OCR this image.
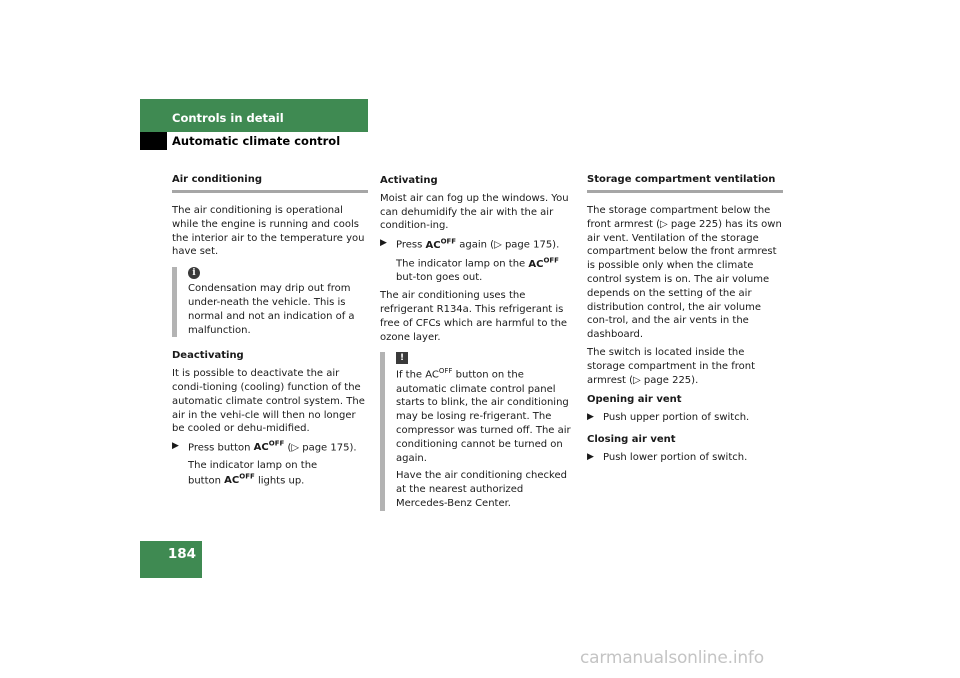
Controls in detail
Automatic climate control
Air conditioning

The air conditioning is operational while the engine is running and cools the interior air to the temperature you have set.

i
Condensation may drip out from under-neath the vehicle. This is normal and not an indication of a malfunction.

Deactivating

It is possible to deactivate the air condi-tioning (cooling) function of the automatic climate control system. The air in the vehi-cle will then no longer be cooled or dehu-midified.

▶ Press button $AC^{OFF}$ (▷ page 175).
The indicator lamp on the
button $AC^{OFF}$ lights up.

Activating

Moist air can fog up the windows. You can dehumidify the air with the air condition-ing.

▶ Press $AC^{OFF}$ again (▷ page 175).
The indicator lamp on the $AC^{OFF}$ but-ton goes out.

The air conditioning uses the refrigerant R134a. This refrigerant is free of CFCs which are harmful to the ozone layer.

!

If the $AC^{OFF}$ button on the automatic climate control panel starts to blink, the air conditioning may be losing re-frigerant. The compressor was turned off. The air conditioning cannot be turned on again.

Have the air conditioning checked at the nearest authorized Mercedes-Benz Center.

Storage compartment ventilation

The storage compartment below the front armrest (▷ page 225) has its own air vent. Ventilation of the storage compartment below the front armrest is possible only when the climate control system is on. The air volume depends on the setting of the air distribution control, the air volume con-trol, and the air vents in the dashboard.

The switch is located inside the storage compartment in the front armrest (▷ page 225).

Opening air vent

▶ Push upper portion of switch.

Closing air vent

▶ Push lower portion of switch.
184
carmanualsonline.info
